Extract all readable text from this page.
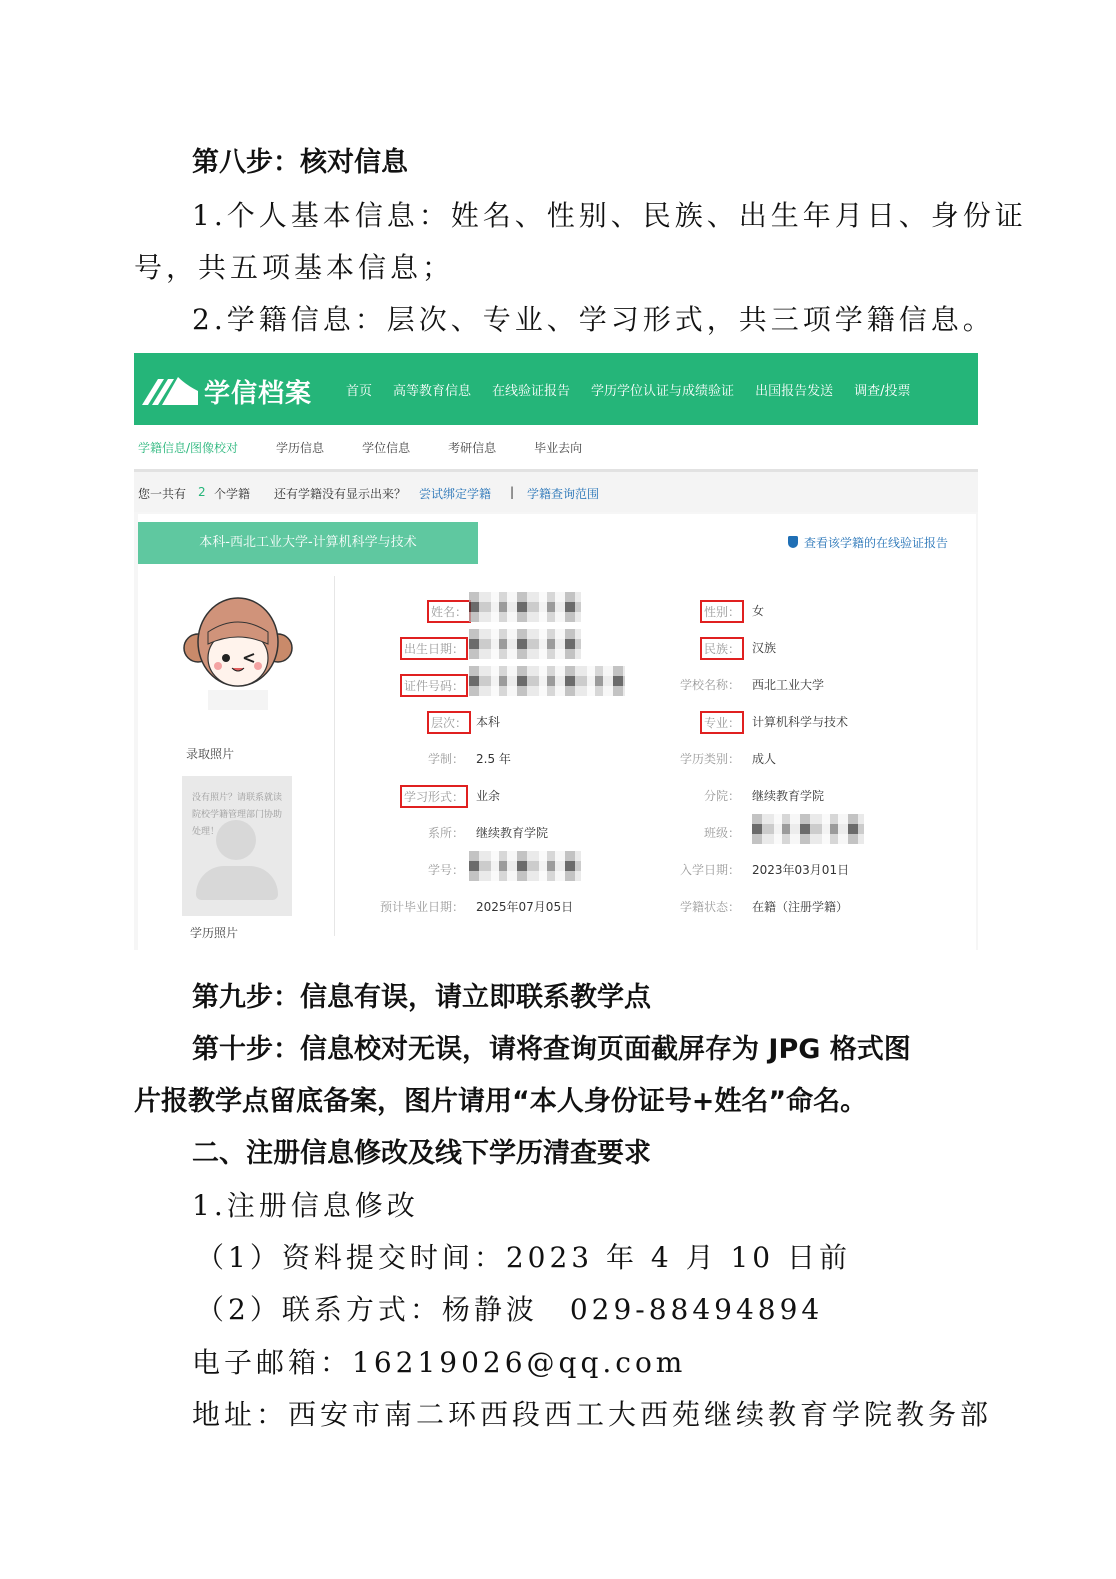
第八步：核对信息
1.个人基本信息：姓名、性别、民族、出生年月日、身份证
号，共五项基本信息；
2.学籍信息：层次、专业、学习形式，共三项学籍信息。
学信档案	首页 高等教育信息 在线验证报告 学历学位认证与成绩验证 出国报告发送 调查/投票
学籍信息/图像校对	学历信息	学位信息	考研信息	毕业去向
您一共有 2 个学籍 还有学籍没有显示出来？ 尝试绑定学籍 | 学籍查询范围
本科-西北工业大学-计算机科学与技术	查看该学籍的在线验证报告
录取照片
没有照片？请联系就读院校学籍管理部门协助处理！
学历照片
姓名：
出生日期：
证件号码：
层次： 本科
学制： 2.5 年
学习形式： 业余
系所： 继续教育学院
学号：
预计毕业日期： 2025年07月05日
性别： 女
民族： 汉族
学校名称： 西北工业大学
专业： 计算机科学与技术
学历类别： 成人
分院： 继续教育学院
班级：
入学日期： 2023年03月01日
学籍状态： 在籍（注册学籍）
第九步：信息有误，请立即联系教学点
第十步：信息校对无误，请将查询页面截屏存为 JPG 格式图
片报教学点留底备案，图片请用“本人身份证号+姓名”命名。
二、注册信息修改及线下学历清查要求
1.注册信息修改
（1）资料提交时间：2023 年 4 月 10 日前
（2）联系方式：杨静波　029-88494894
电子邮箱：16219026@qq.com
地址：西安市南二环西段西工大西苑继续教育学院教务部
